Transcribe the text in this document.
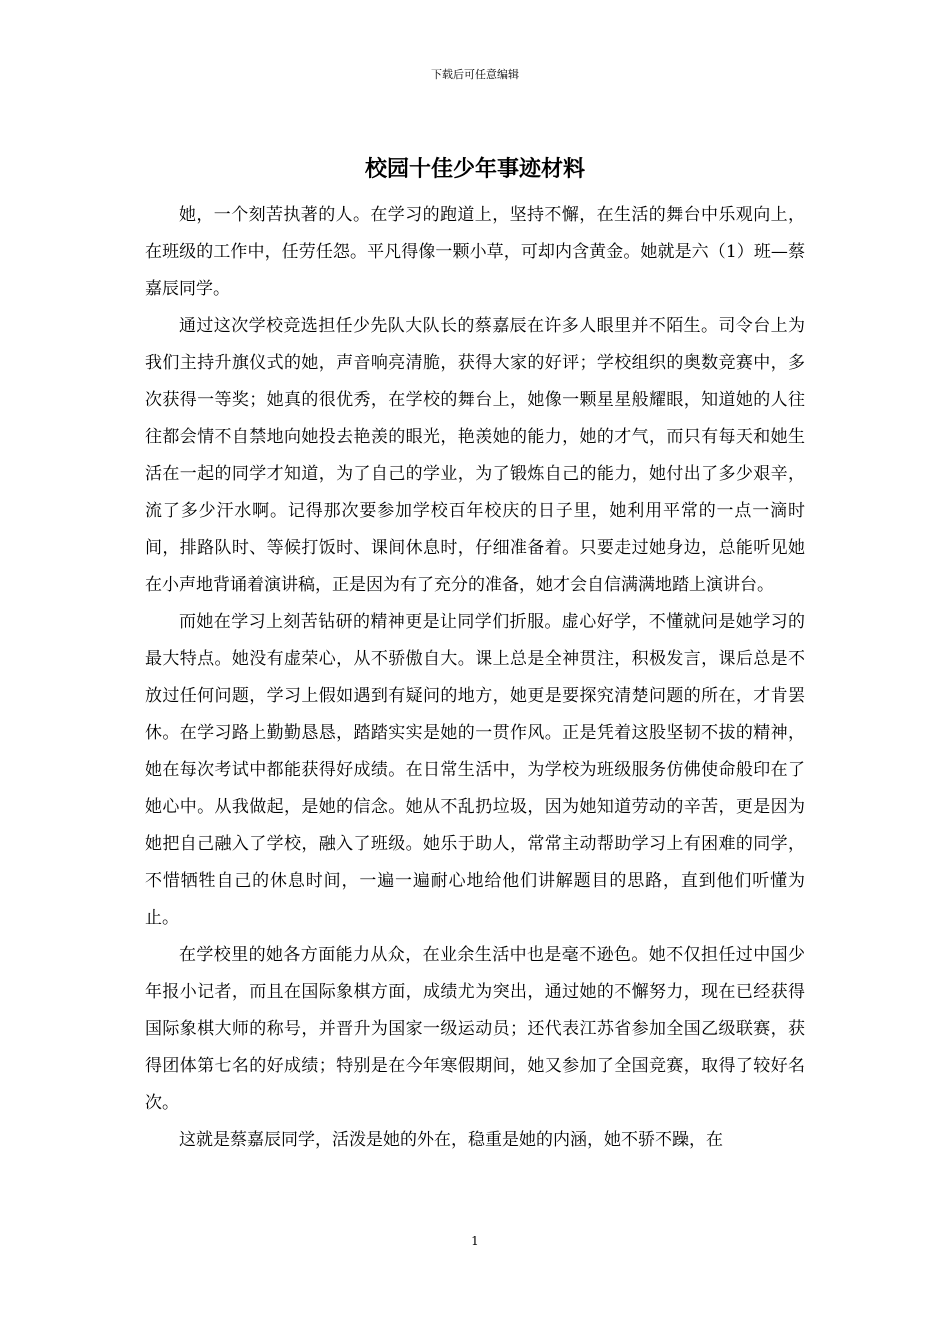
下载后可任意编辑
校园十佳少年事迹材料

她，一个刻苦执著的人。在学习的跑道上，坚持不懈，在生活的舞台中乐观向上，在班级的工作中，任劳任怨。平凡得像一颗小草，可却内含黄金。她就是六（1）班—蔡嘉辰同学。

通过这次学校竞选担任少先队大队长的蔡嘉辰在许多人眼里并不陌生。司令台上为我们主持升旗仪式的她，声音响亮清脆，获得大家的好评；学校组织的奥数竞赛中，多次获得一等奖；她真的很优秀，在学校的舞台上，她像一颗星星般耀眼，知道她的人往往都会情不自禁地向她投去艳羡的眼光，艳羡她的能力，她的才气，而只有每天和她生活在一起的同学才知道，为了自己的学业，为了锻炼自己的能力，她付出了多少艰辛，流了多少汗水啊。记得那次要参加学校百年校庆的日子里，她利用平常的一点一滴时间，排路队时、等候打饭时、课间休息时，仔细准备着。只要走过她身边，总能听见她在小声地背诵着演讲稿，正是因为有了充分的准备，她才会自信满满地踏上演讲台。

而她在学习上刻苦钻研的精神更是让同学们折服。虚心好学，不懂就问是她学习的最大特点。她没有虚荣心，从不骄傲自大。课上总是全神贯注，积极发言，课后总是不放过任何问题，学习上假如遇到有疑问的地方，她更是要探究清楚问题的所在，才肯罢休。在学习路上勤勤恳恳，踏踏实实是她的一贯作风。正是凭着这股坚韧不拔的精神，她在每次考试中都能获得好成绩。在日常生活中，为学校为班级服务仿佛使命般印在了她心中。从我做起，是她的信念。她从不乱扔垃圾，因为她知道劳动的辛苦，更是因为她把自己融入了学校，融入了班级。她乐于助人，常常主动帮助学习上有困难的同学，不惜牺牲自己的休息时间，一遍一遍耐心地给他们讲解题目的思路，直到他们听懂为止。

在学校里的她各方面能力从众，在业余生活中也是毫不逊色。她不仅担任过中国少年报小记者，而且在国际象棋方面，成绩尤为突出，通过她的不懈努力，现在已经获得国际象棋大师的称号，并晋升为国家一级运动员；还代表江苏省参加全国乙级联赛，获得团体第七名的好成绩；特别是在今年寒假期间，她又参加了全国竞赛，取得了较好名次。

这就是蔡嘉辰同学，活泼是她的外在，稳重是她的内涵，她不骄不躁，在

1
